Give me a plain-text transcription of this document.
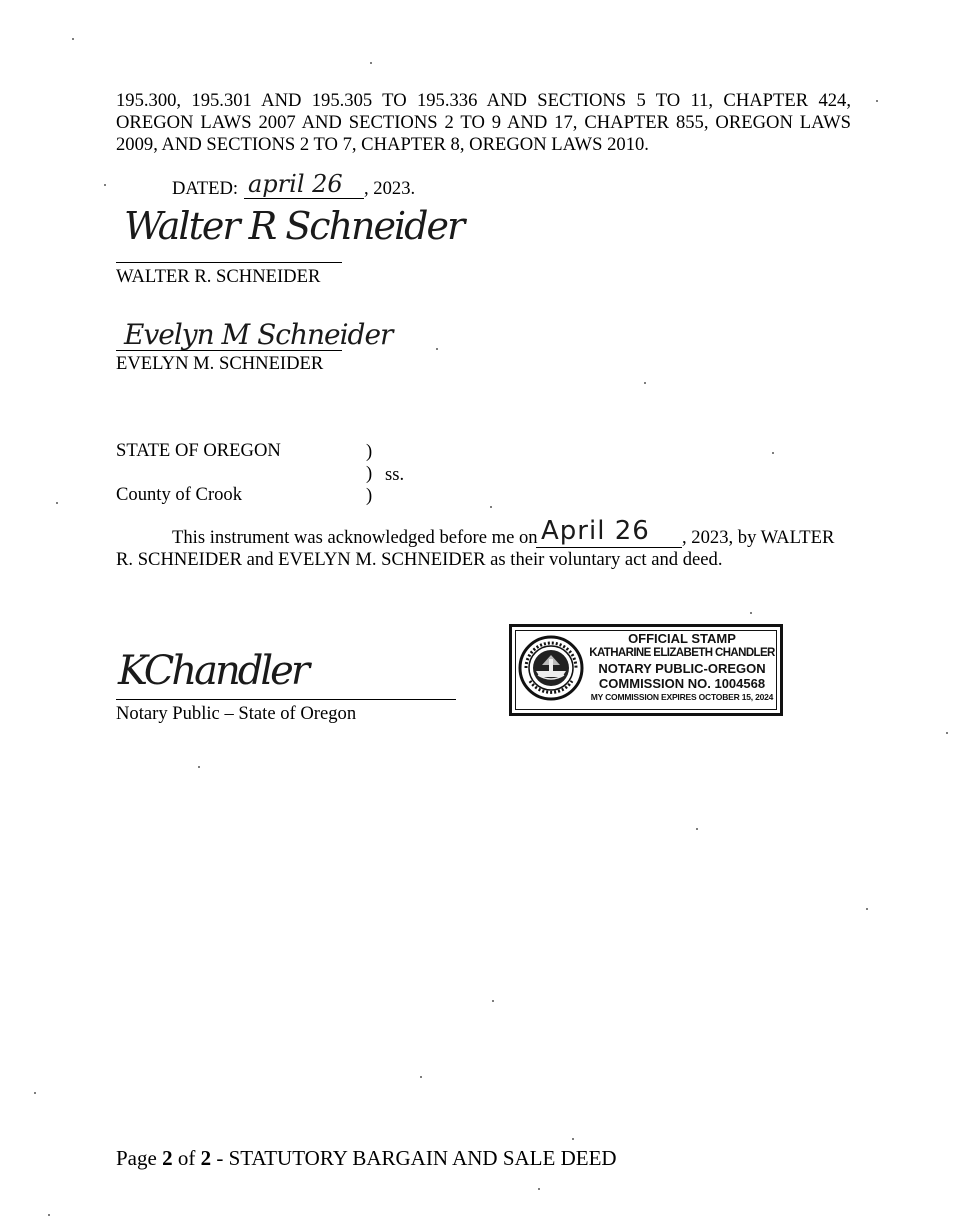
195.300, 195.301 AND 195.305 TO 195.336 AND SECTIONS 5 TO 11, CHAPTER 424,
OREGON LAWS 2007 AND SECTIONS 2 TO 9 AND 17, CHAPTER 855, OREGON LAWS
2009, AND SECTIONS 2 TO 7, CHAPTER 8, OREGON LAWS 2010.
DATED: april 26 , 2023.
Walter R Schneider
WALTER R. SCHNEIDER
Evelyn M Schneider
EVELYN M. SCHNEIDER
STATE OF OREGON	)
) ss.
County of Crook	)
This instrument was acknowledged before me on April 26 , 2023, by WALTER
R. SCHNEIDER and EVELYN M. SCHNEIDER as their voluntary act and deed.
KChandler
Notary Public – State of Oregon
OFFICIAL STAMP
KATHARINE ELIZABETH CHANDLER
NOTARY PUBLIC-OREGON
COMMISSION NO. 1004568
MY COMMISSION EXPIRES OCTOBER 15, 2024
Page 2 of 2 - STATUTORY BARGAIN AND SALE DEED
